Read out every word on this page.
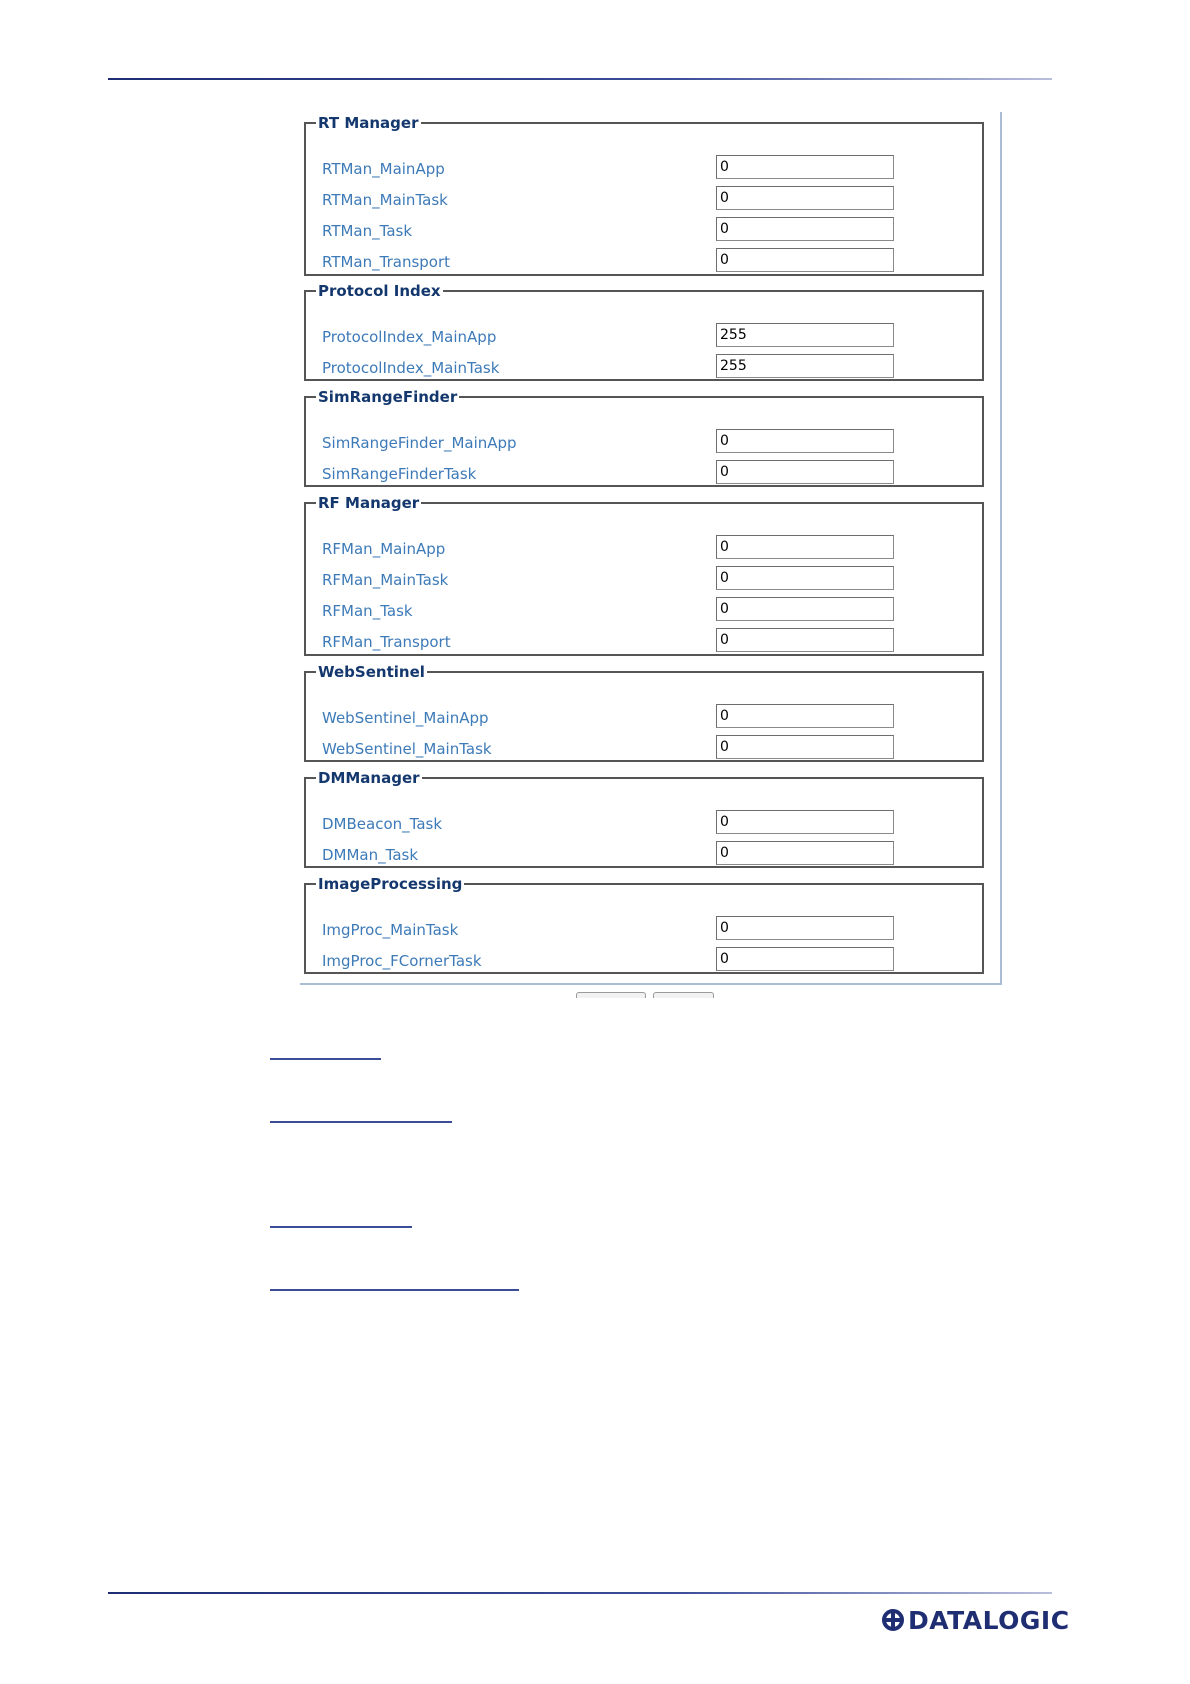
RT Manager
RTMan_MainApp
0
RTMan_MainTask
0
RTMan_Task
0
RTMan_Transport
0
Protocol Index
ProtocolIndex_MainApp
255
ProtocolIndex_MainTask
255
SimRangeFinder
SimRangeFinder_MainApp
0
SimRangeFinderTask
0
RF Manager
RFMan_MainApp
0
RFMan_MainTask
0
RFMan_Task
0
RFMan_Transport
0
WebSentinel
WebSentinel_MainApp
0
WebSentinel_MainTask
0
DMManager
DMBeacon_Task
0
DMMan_Task
0
ImageProcessing
ImgProc_MainTask
0
ImgProc_FCornerTask
0
DATALOGIC
